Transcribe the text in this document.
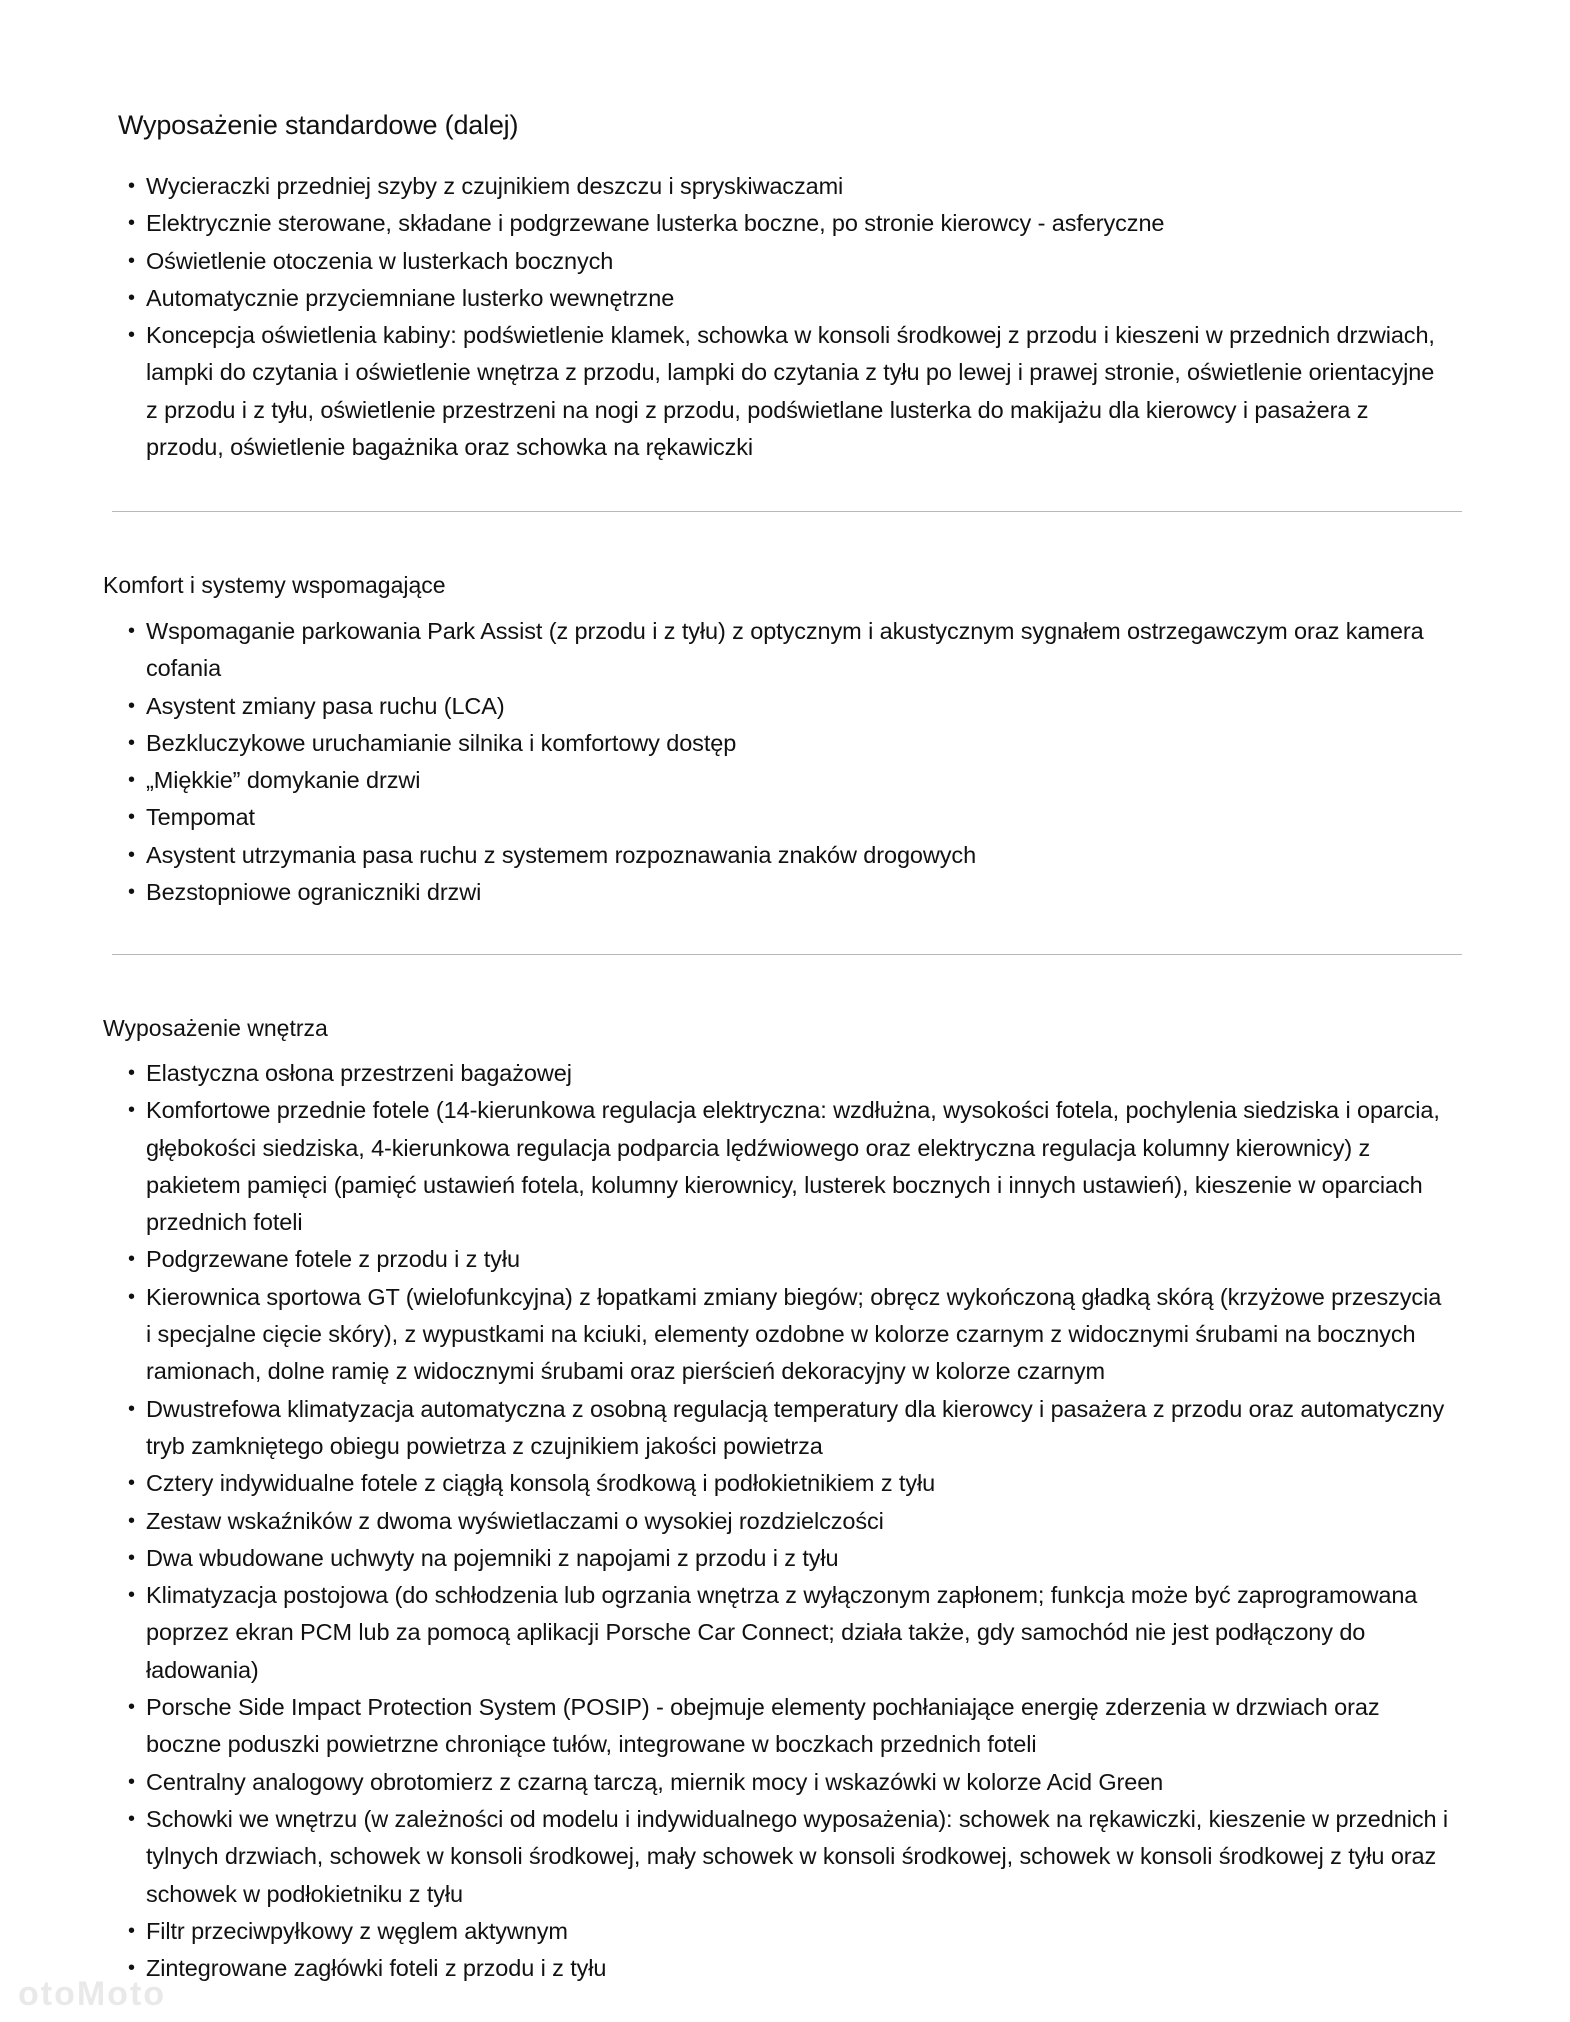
Wyposażenie standardowe (dalej)
• Wycieraczki przedniej szyby z czujnikiem deszczu i spryskiwaczami
• Elektrycznie sterowane, składane i podgrzewane lusterka boczne, po stronie kierowcy - asferyczne
• Oświetlenie otoczenia w lusterkach bocznych
• Automatycznie przyciemniane lusterko wewnętrzne
• Koncepcja oświetlenia kabiny: podświetlenie klamek, schowka w konsoli środkowej z przodu i kieszeni w przednich drzwiach, lampki do czytania i oświetlenie wnętrza z przodu, lampki do czytania z tyłu po lewej i prawej stronie, oświetlenie orientacyjne z przodu i z tyłu, oświetlenie przestrzeni na nogi z przodu, podświetlane lusterka do makijażu dla kierowcy i pasażera z przodu, oświetlenie bagażnika oraz schowka na rękawiczki
Komfort i systemy wspomagające
• Wspomaganie parkowania Park Assist (z przodu i z tyłu) z optycznym i akustycznym sygnałem ostrzegawczym oraz kamera cofania
• Asystent zmiany pasa ruchu (LCA)
• Bezkluczykowe uruchamianie silnika i komfortowy dostęp
• „Miękkie” domykanie drzwi
• Tempomat
• Asystent utrzymania pasa ruchu z systemem rozpoznawania znaków drogowych
• Bezstopniowe ograniczniki drzwi
Wyposażenie wnętrza
• Elastyczna osłona przestrzeni bagażowej
• Komfortowe przednie fotele (14-kierunkowa regulacja elektryczna: wzdłużna, wysokości fotela, pochylenia siedziska i oparcia, głębokości siedziska, 4-kierunkowa regulacja podparcia lędźwiowego oraz elektryczna regulacja kolumny kierownicy) z pakietem pamięci (pamięć ustawień fotela, kolumny kierownicy, lusterek bocznych i innych ustawień), kieszenie w oparciach przednich foteli
• Podgrzewane fotele z przodu i z tyłu
• Kierownica sportowa GT (wielofunkcyjna) z łopatkami zmiany biegów; obręcz wykończoną gładką skórą (krzyżowe przeszycia i specjalne cięcie skóry), z wypustkami na kciuki, elementy ozdobne w kolorze czarnym z widocznymi śrubami na bocznych ramionach, dolne ramię z widocznymi śrubami oraz pierścień dekoracyjny w kolorze czarnym
• Dwustrefowa klimatyzacja automatyczna z osobną regulacją temperatury dla kierowcy i pasażera z przodu oraz automatyczny tryb zamkniętego obiegu powietrza z czujnikiem jakości powietrza
• Cztery indywidualne fotele z ciągłą konsolą środkową i podłokietnikiem z tyłu
• Zestaw wskaźników z dwoma wyświetlaczami o wysokiej rozdzielczości
• Dwa wbudowane uchwyty na pojemniki z napojami z przodu i z tyłu
• Klimatyzacja postojowa (do schłodzenia lub ogrzania wnętrza z wyłączonym zapłonem; funkcja może być zaprogramowana poprzez ekran PCM lub za pomocą aplikacji Porsche Car Connect; działa także, gdy samochód nie jest podłączony do ładowania)
• Porsche Side Impact Protection System (POSIP) - obejmuje elementy pochłaniające energię zderzenia w drzwiach oraz boczne poduszki powietrzne chroniące tułów, integrowane w boczkach przednich foteli
• Centralny analogowy obrotomierz z czarną tarczą, miernik mocy i wskazówki w kolorze Acid Green
• Schowki we wnętrzu (w zależności od modelu i indywidualnego wyposażenia): schowek na rękawiczki, kieszenie w przednich i tylnych drzwiach, schowek w konsoli środkowej, mały schowek w konsoli środkowej, schowek w konsoli środkowej z tyłu oraz schowek w podłokietniku z tyłu
• Filtr przeciwpyłkowy z węglem aktywnym
• Zintegrowane zagłówki foteli z przodu i z tyłu
otoMoto
